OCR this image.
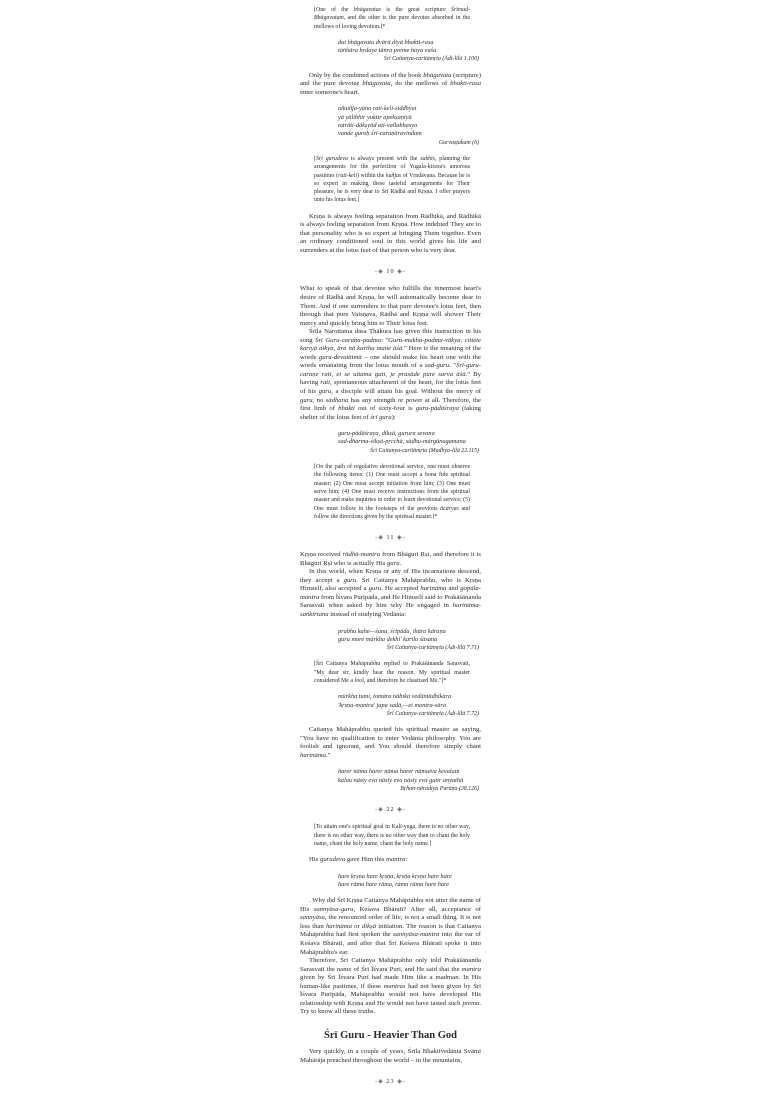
[One of the bhāgavatas is the great scripture Śrīmad-Bhāgavatam, and the other is the pure devotee absorbed in the mellows of loving devotion.]*
dui bhāgavata dvārā diyā bhakti-rasa
tāṅhāra hṛdaye tāṅra preme haya vaśa
Śrī Caitanya-caritāmṛta (Ādi-līlā 1.100)

Only by the combined actions of the book bhāgavata (scripture) and the pure devotee bhāgavata, do the mellows of bhakti-rasa enter someone's heart.

nikuñja-yūno rati-keli-siddhyai
yā yālibhir yuktir apekṣaṇīyā
tatrāti-dākṣyād ati-vallabhasya
vande guroḥ śrī-caraṇāravindam
Gurvaṣṭakam (6)
[Śrī gurudeva is always present with the sakhīs, planning the arrangements for the perfection of Yugala-kiśora's amorous pastimes (rati-keli) within the kuñjas of Vṛndāvana. Because he is so expert in making these tasteful arrangements for Their pleasure, he is very dear to Śrī Rādhā and Kṛṣṇa. I offer prayers unto his lotus feet.]

Kṛṣṇa is always feeling separation from Rādhikā, and Rādhikā is always feeling separation from Kṛṣṇa. How indebted They are to that personality who is so expert at bringing Them together. Even an ordinary conditioned soul in this world gives his life and surrenders at the lotus feet of that person who is very dear.

-◈ 10 ◈-

What to speak of that devotee who fulfills the innermost heart's desire of Rādhā and Kṛṣṇa, he will automatically become dear to Them. And if one surrenders to that pure devotee's lotus feet, then through that pure Vaiṣṇava, Rādhā and Kṛṣṇa will shower Their mercy and quickly bring him to Their lotus feet.

Śrīla Narottama dāsa Ṭhākura has given this instruction in his song Śrī Guru-caraṇa-padma: "Guru-mukha-padma-vākya, cittete kariyā aikya, āra nā kariha mane āśā." Here is the meaning of the words guru-devatātmā – one should make his heart one with the words emanating from the lotus mouth of a sad-guru. "Śrī-guru-caraṇe rati, ei se uttama gati, je prasāde pure sarva āśā." By having rati, spontaneous attachment of the heart, for the lotus feet of his guru, a disciple will attain his goal. Without the mercy of guru, no sādhana has any strength or power at all. Therefore, the first limb of bhakti out of sixty-four is guru-pādāśraya (taking shelter of the lotus feet of śrī guru):

guru-pādāśraya, dīkṣā, gurura sevana
sad-dharma-śikṣā-pṛcchā, sādhu-mārgānugamana
Śrī Caitanya-caritāmṛta (Madhya-līlā 22.115)
[On the path of regulative devotional service, one must observe the following items: (1) One must accept a bona fide spiritual master; (2) One must accept initiation from him; (3) One must serve him; (4) One must receive instructions from the spiritual master and make inquiries in order to learn devotional service; (5) One must follow in the footsteps of the previous ācāryas and follow the directions given by the spiritual master.]*
-◈ 11 ◈-

Kṛṣṇa received rādhā-mantra from Bhāguri Ṛṣi, and therefore it is Bhāguri Ṛṣi who is actually His guru.

In this world, when Kṛṣṇa or any of His incarnations descend, they accept a guru. Śrī Caitanya Mahāprabhu, who is Kṛṣṇa Himself, also accepted a guru. He accepted harināma and gopāla-mantra from Īśvara Purīpāda, and He Himself said to Prakāśānanda Sarasvatī when asked by him why He engaged in harināma-saṅkīrtana instead of studying Vedānta:

prabhu kahe—śuna, śrīpāda, ihāra kāraṇa
guru more mūrkha dekhi' karila śāsana
Śrī Caitanya-caritāmṛta (Ādi-līlā 7.71)
[Śrī Caitanya Mahāprabhu replied to Prakāśānanda Sarasvatī, "My dear sir, kindly hear the reason. My spiritual master considered Me a fool, and therefore he chastised Me."]*
mūrkha tumi, tomāra nāhika vedāntādhikāra
'kṛṣṇa-mantra' japa sadā,—ei mantra-sāra
Śrī Caitanya-caritāmṛta (Ādi-līlā 7.72)

Caitanya Mahāprabhu quoted his spiritual master as saying, "You have no qualification to enter Vedānta philosophy. You are foolish and ignorant, and You should therefore simply chant harināma."

harer nāma harer nāma harer nāmaiva kevalam
kalau nāsty eva nāsty eva nāsty eva gatir anyathā
Bṛhan-nāradīya Purāṇa (38.126)
-◈ 22 ◈-
[To attain one's spiritual goal in Kali-yuga, there is no other way, there is no other way, there is no other way than to chant the holy name, chant the holy name, chant the holy name.]

His gurudeva gave Him this mantra:

hare kṛṣṇa hare kṛṣṇa, kṛṣṇa kṛṣṇa hare hare
hare rāma hare rāma, rāma rāma hare hare

. Why did Śrī Kṛṣṇa Caitanya Mahāprabhu not utter the name of His sannyāsa-guru, Keśava Bhāratī? After all, acceptance of sannyāsa, the renounced order of life, is not a small thing. It is not less than harināma or dīkṣā initiation. The reason is that Caitanya Mahāprabhu had first spoken the sannyāsa-mantra into the ear of Keśava Bhāratī, and after that Śrī Keśava Bhāratī spoke it into Mahāprabhu's ear.

Therefore, Śrī Caitanya Mahāprabhu only told Prakāśānanda Sarasvatī the name of Śrī Īśvara Purī, and He said that the mantra given by Śrī Īśvara Purī had made Him like a madman. In His human-like pastimes, if these mantras had not been given by Śrī Īśvara Purīpāda, Mahāprabhu would not have developed His relationship with Kṛṣṇa and He would not have tasted such prema. Try to know all these truths.

Śrī Guru - Heavier Than God

Very quickly, in a couple of years, Śrīla Bhaktivedānta Svāmī Mahārāja preached throughout the world – in the mountains,

-◈ 23 ◈-
